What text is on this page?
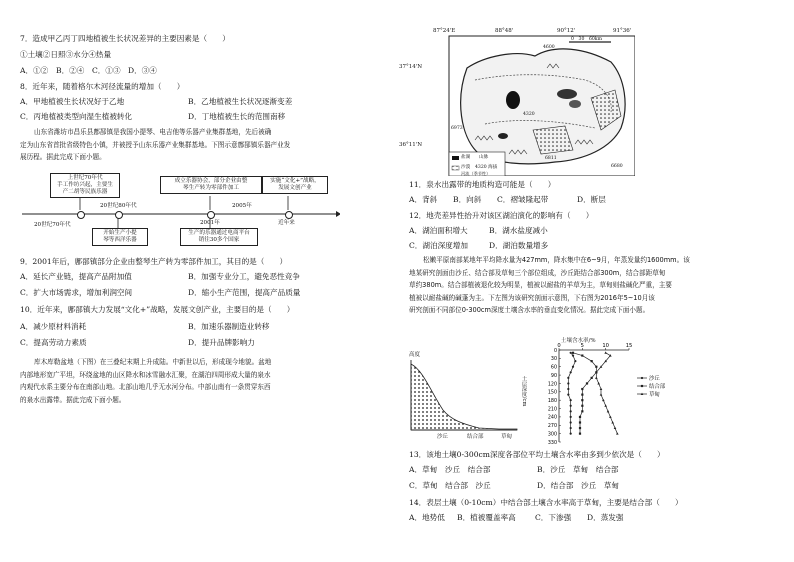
7．造成甲乙丙丁四地植被生长状况差异的主要因素是（　　）
①土壤②日照③水分④热量
A．①②	B．②④	C．①③ D．③④
8．近年来，随着格尔木河径流量的增加（　　）
A．甲地植被生长状况好于乙地	B．乙地植被生长状况逐渐变差
C．丙地植被类型向湿生植被转化	D．丁地植被生长的范围南移
山东省潍坊市昌乐县鄌郚镇是我国小提琴、电吉他等乐器产业集群基地，先后被确
定为山东省首批省级特色小镇，并被授予山东乐器产业集群基地。下图示意鄌郚镇乐器产业发
展历程。据此完成下面小题。
上世纪70年代
手工作坊兴起，主要生
产二胡等民族乐器
成立乐器协会，部分企业由整
琴生产转为零部件加工
实施“文化+”战略，
发展文创产业
开始生产小提
琴等西洋乐器
生产的乐器通过电商平台
销往30多个国家
20世纪80年代	2005年
20世纪70年代	2001年	近年来
9．2001年后，鄌郚镇部分企业由整琴生产转为零部件加工，其目的是（　　）
A．延长产业链，提高产品附加值	B．加强专业分工，避免恶性竞争
C．扩大市场需求，增加利润空间	D．缩小生产范围，提高产品质量
10．近年来，鄌郚镇大力发展“文化+”战略，发展文创产业，主要目的是（　　）
A．减少原材料消耗	B．加速乐器制造业转移
C．提高劳动力素质	D．提升品牌影响力
库木库勒盆地（下图）在三叠纪末期上升成陆。中新世以后，形成现今地貌。盆地
内部地形宽广平坦，环绕盆地的山区降水和冰雪融水汇聚，在湖泊四周形成大量的泉水
内观代水系主要分布在南部山地。北部山地几乎无水河分布。中部山南有一条贯穿东西
的泉水出露带。据此完成下面小题。
87°24'E	88°48'	90°12'	91°36'
37°14'N
36°11'N
盐湖 山脉
沙漠 4320 海拔
河流（季节性）
0　30　60km
4600
6973
6811
6680
4320
11．泉水出露带的地质构造可能是（　　）
A．背斜	B．向斜	C．褶皱隆起带	D．断层
12．地壳差异性抬升对该区湖泊演化的影响有（　　）
A．湖泊面积增大	B．湖水盐度减小
C．湖泊深度增加	D．湖泊数量增多
松嫩平原南部某地年平均降水量为427mm，降水集中在6~9月，年蒸发量约1600mm。该
地某研究剖面由沙丘、结合部及草甸三个部位组成，沙丘距结合部300m，结合部距草甸
草约380m。结合部植被退化较为明显，植被以耐盐的羊草为主，草甸则盐碱化严重，主要
植被以耐盐碱的碱蓬为主。下左图为该研究剖面示意图，下右图为2016年5~10月该
研究剖面不同部位0-300cm深度土壤含水率的垂直变化情况。据此完成下面小题。
高度
沙丘	结合部	草甸
土壤含水率/%
土层深度/cm
0	5	10	15
0
30
60
90
120
150
180
210
240
270
300
330
沙丘
结合部
草甸
13．该地土壤0-300cm深度各部位平均土壤含水率由多到少依次是（　　）
A．草甸　沙丘　结合部	B．沙丘　草甸　结合部
C．草甸　结合部　沙丘	D．结合部　沙丘　草甸
14．表层土壤（0-10cm）中结合部土壤含水率高于草甸，主要是结合部（　　）
A．地势低	B．植被覆盖率高	C．下渗强	D．蒸发强
